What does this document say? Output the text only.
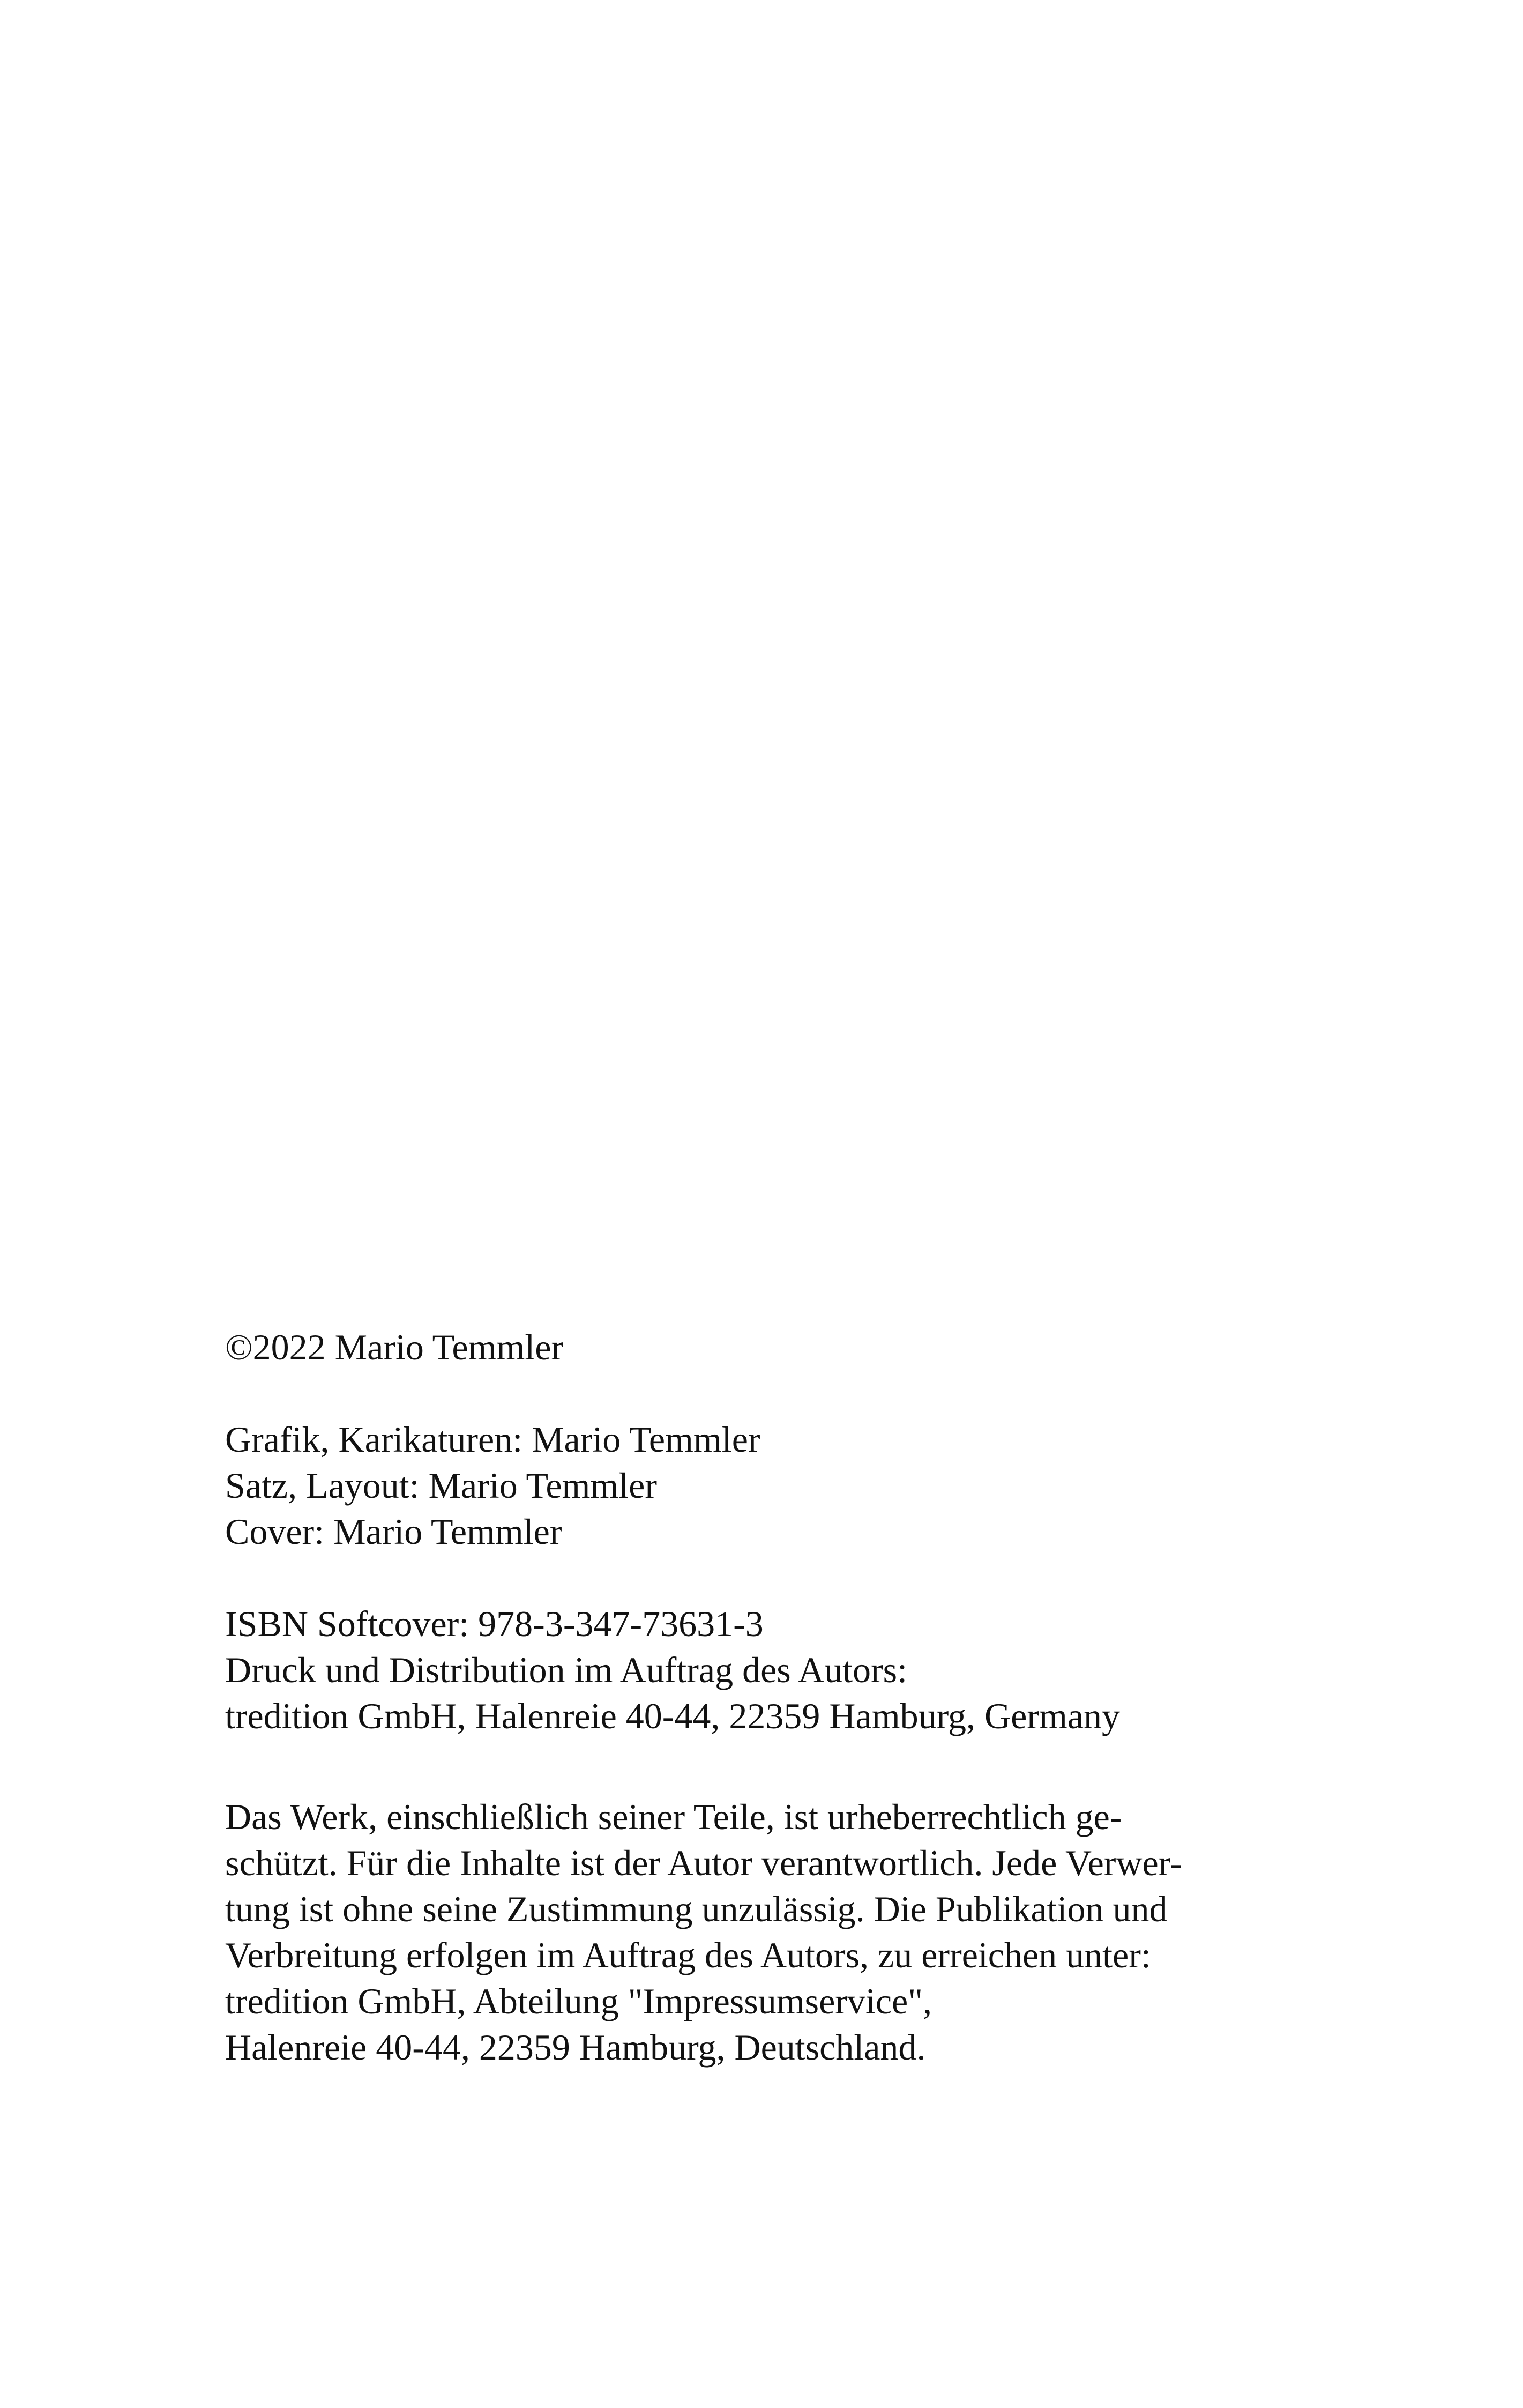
©2022 Mario Temmler
Grafik, Karikaturen: Mario Temmler
Satz, Layout: Mario Temmler
Cover: Mario Temmler
ISBN Softcover: 978-3-347-73631-3
Druck und Distribution im Auftrag des Autors:
tredition GmbH, Halenreie 40-44, 22359 Hamburg, Germany
Das Werk, einschließlich seiner Teile, ist urheberrechtlich ge-
schützt. Für die Inhalte ist der Autor verantwortlich. Jede Verwer-
tung ist ohne seine Zustimmung unzulässig. Die Publikation und
Verbreitung erfolgen im Auftrag des Autors, zu erreichen unter:
tredition GmbH, Abteilung "Impressumservice",
Halenreie 40-44, 22359 Hamburg, Deutschland.
